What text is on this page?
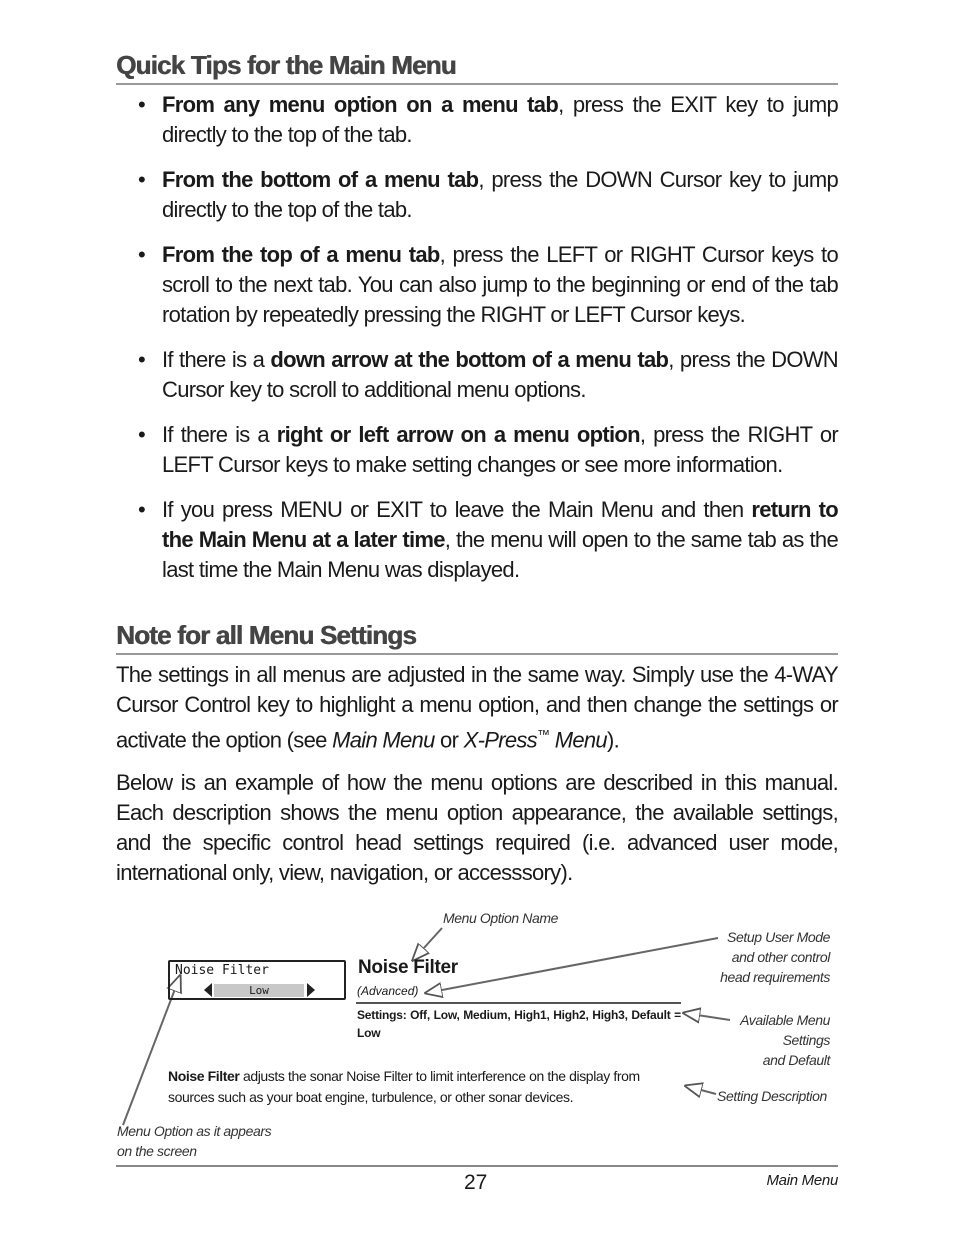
Quick Tips for the Main Menu
• From any menu option on a menu tab, press the EXIT key to jump directly to the top of the tab.
• From the bottom of a menu tab, press the DOWN Cursor key to jump directly to the top of the tab.
• From the top of a menu tab, press the LEFT or RIGHT Cursor keys to scroll to the next tab. You can also jump to the beginning or end of the tab rotation by repeatedly pressing the RIGHT or LEFT Cursor keys.
• If there is a down arrow at the bottom of a menu tab, press the DOWN Cursor key to scroll to additional menu options.
• If there is a right or left arrow on a menu option, press the RIGHT or LEFT Cursor keys to make setting changes or see more information.
• If you press MENU or EXIT to leave the Main Menu and then return to the Main Menu at a later time, the menu will open to the same tab as the last time the Main Menu was displayed.
Note for all Menu Settings

The settings in all menus are adjusted in the same way. Simply use the 4-WAY Cursor Control key to highlight a menu option, and then change the settings or activate the option (see Main Menu or X-Press™ Menu).

Below is an example of how the menu options are described in this manual. Each description shows the menu option appearance, the available settings, and the specific control head settings required (i.e. advanced user mode, international only, view, navigation, or accesssory).

Menu Option Name
Setup User Mode
and other control
head requirements
Available Menu
Settings
and Default
Setting Description
Menu Option as it appears
on the screen
Noise Filter
Low
Noise Filter
(Advanced)
Settings: Off, Low, Medium, High1, High2, High3, Default = Low
Noise Filter adjusts the sonar Noise Filter to limit interference on the display from sources such as your boat engine, turbulence, or other sonar devices.
27	Main Menu
